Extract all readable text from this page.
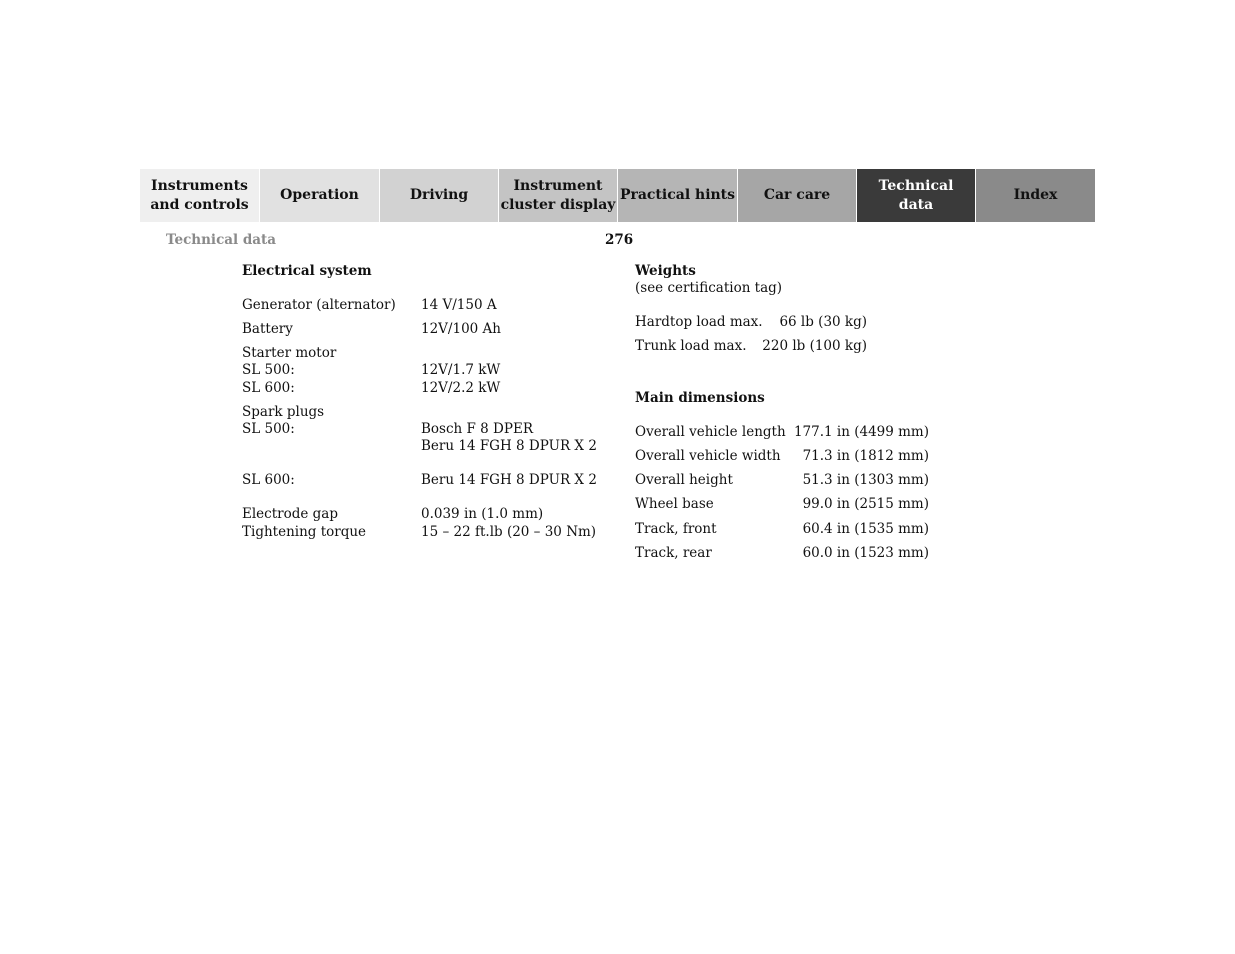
Instruments
and controls
Operation	Driving
Instrument
cluster display
Practical hints Car care
Technical
data
Index
Technical data	276
Electrical system
Generator (alternator) 14 V/150 A
Battery	12V/100 Ah
Starter motor
SL 500:	12V/1.7 kW
SL 600:	12V/2.2 kW
Spark plugs
SL 500:	Bosch F 8 DPER
Beru 14 FGH 8 DPUR X 2
SL 600:	Beru 14 FGH 8 DPUR X 2
Electrode gap	0.039 in (1.0 mm)
Tightening torque	15 – 22 ft.lb (20 – 30 Nm)
Weights
(see certification tag)
Hardtop load max.	66 lb (30 kg)
Trunk load max.	220 lb (100 kg)
Main dimensions
Overall vehicle length 177.1 in (4499 mm)
Overall vehicle width	71.3 in (1812 mm)
Overall height	51.3 in (1303 mm)
Wheel base	99.0 in (2515 mm)
Track, front	60.4 in (1535 mm)
Track, rear	60.0 in (1523 mm)
